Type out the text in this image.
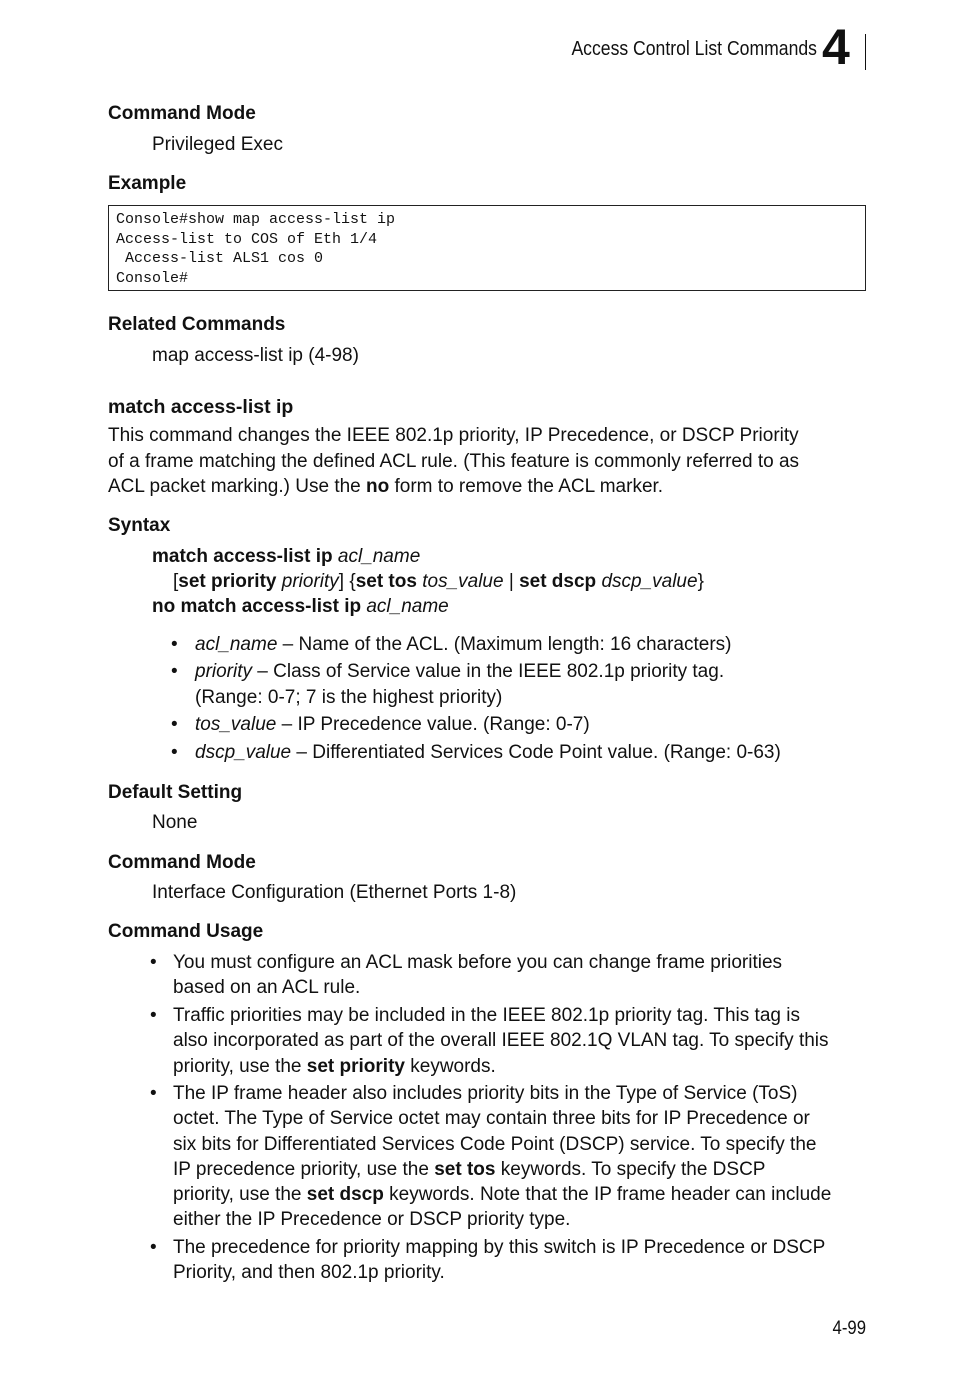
Access Control List Commands 4
Command Mode
Privileged Exec
Example
Console#show map access-list ip
Access-list to COS of Eth 1/4
Access-list ALS1 cos 0
Console#
Related Commands
map access-list ip (4-98)
match access-list ip
This command changes the IEEE 802.1p priority, IP Precedence, or DSCP Priority
of a frame matching the defined ACL rule. (This feature is commonly referred to as
ACL packet marking.) Use the no form to remove the ACL marker.
Syntax
match access-list ip acl_name
[set priority priority] {set tos tos_value | set dscp dscp_value}
no match access-list ip acl_name
• acl_name – Name of the ACL. (Maximum length: 16 characters)
• priority – Class of Service value in the IEEE 802.1p priority tag.
(Range: 0-7; 7 is the highest priority)
• tos_value – IP Precedence value. (Range: 0-7)
• dscp_value – Differentiated Services Code Point value. (Range: 0-63)
Default Setting
None
Command Mode
Interface Configuration (Ethernet Ports 1-8)
Command Usage
• You must configure an ACL mask before you can change frame priorities
based on an ACL rule.
• Traffic priorities may be included in the IEEE 802.1p priority tag. This tag is
also incorporated as part of the overall IEEE 802.1Q VLAN tag. To specify this
priority, use the set priority keywords.
• The IP frame header also includes priority bits in the Type of Service (ToS)
octet. The Type of Service octet may contain three bits for IP Precedence or
six bits for Differentiated Services Code Point (DSCP) service. To specify the
IP precedence priority, use the set tos keywords. To specify the DSCP
priority, use the set dscp keywords. Note that the IP frame header can include
either the IP Precedence or DSCP priority type.
• The precedence for priority mapping by this switch is IP Precedence or DSCP
Priority, and then 802.1p priority.
4-99
